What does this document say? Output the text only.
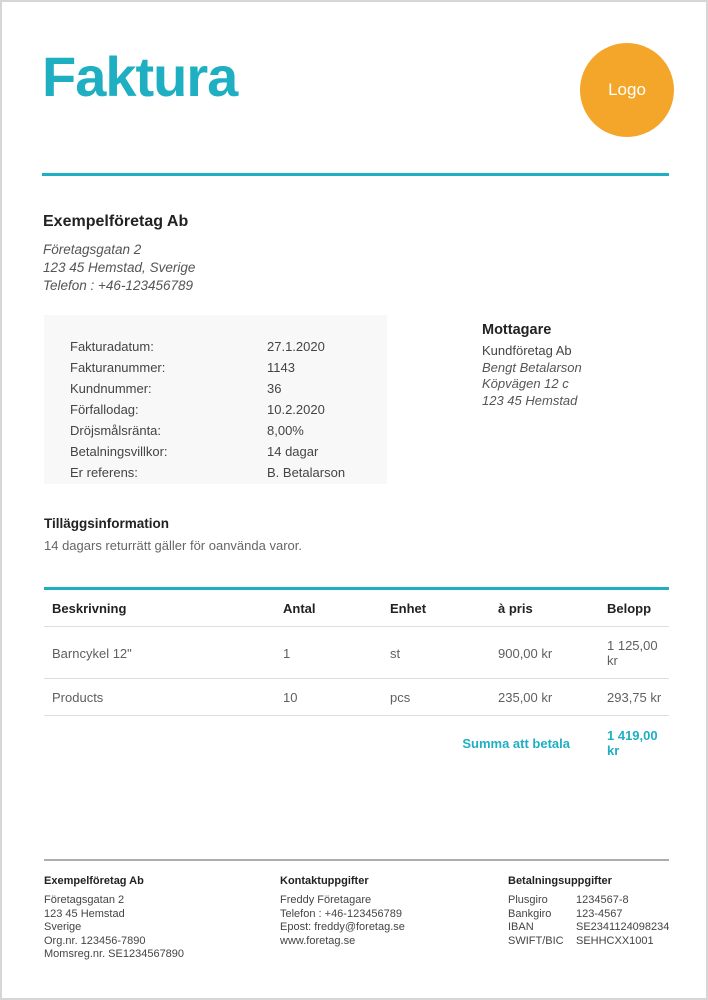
Faktura	Logo
Exempelföretag Ab
Företagsgatan 2
123 45 Hemstad, Sverige
Telefon : +46-123456789
Fakturadatum:	27.1.2020
Fakturanummer:	1143
Kundnummer:	36
Förfallodag:	10.2.2020
Dröjsmålsränta:	8,00%
Betalningsvillkor:	14 dagar
Er referens:	B. Betalarson
Mottagare
Kundföretag Ab
Bengt Betalarson
Köpvägen 12 c
123 45 Hemstad
Tilläggsinformation
14 dagars returrätt gäller för oanvända varor.
Beskrivning	Antal	Enhet	à pris	Belopp
Barncykel 12"	1	st	900,00 kr	1 125,00 kr
Products	10	pcs	235,00 kr	293,75 kr
Summa att betala				1 419,00 kr
Exempelföretag Ab
Företagsgatan 2
123 45 Hemstad
Sverige
Org.nr. 123456-7890
Momsreg.nr. SE1234567890
Kontaktuppgifter
Freddy Företagare
Telefon : +46-123456789
Epost: freddy@foretag.se
www.foretag.se
Betalningsuppgifter
Plusgiro	1234567-8
Bankgiro	123-4567
IBAN	SE2341124098234
SWIFT/BIC	SEHHCXX1001
